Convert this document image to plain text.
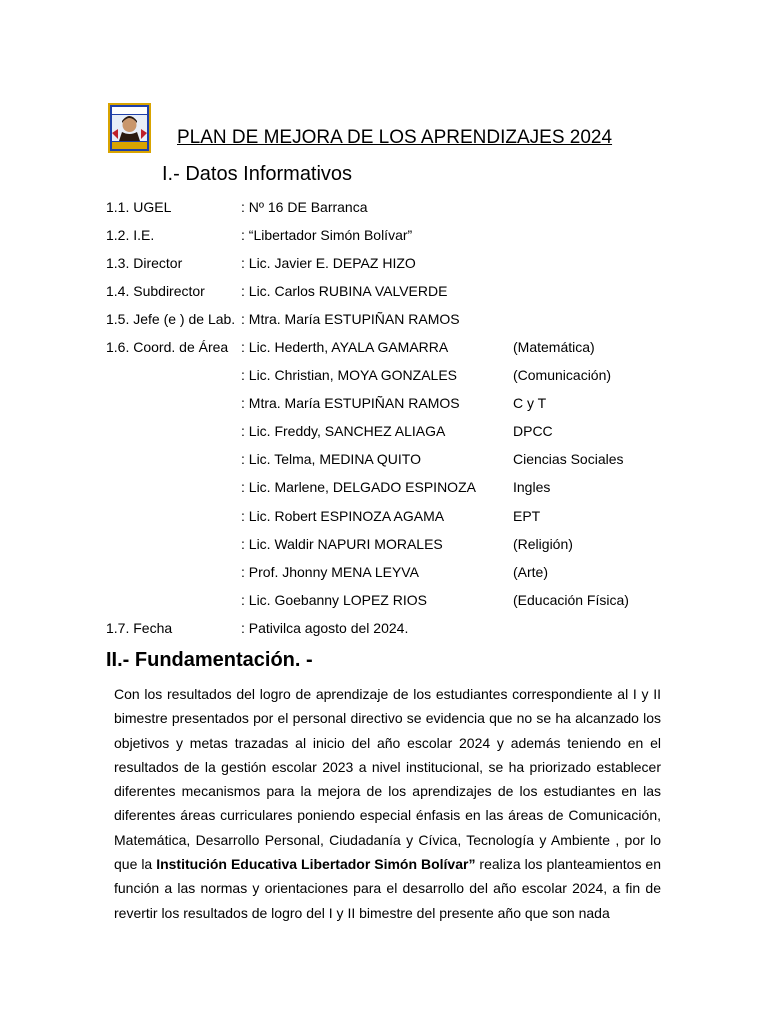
PLAN DE MEJORA DE LOS APRENDIZAJES 2024
I.- Datos Informativos
1.1. UGEL	: Nº 16 DE Barranca
1.2. I.E.	: “Libertador Simón Bolívar”
1.3. Director	: Lic. Javier E. DEPAZ HIZO
1.4. Subdirector	: Lic. Carlos RUBINA VALVERDE
1.5. Jefe (e ) de Lab. : Mtra. María ESTUPIÑAN RAMOS
1.6. Coord. de Área : Lic. Hederth, AYALA GAMARRA	(Matemática)
: Lic. Christian, MOYA GONZALES	(Comunicación)
: Mtra. María ESTUPIÑAN RAMOS	C y T
: Lic. Freddy, SANCHEZ ALIAGA	DPCC
: Lic. Telma, MEDINA QUITO	Ciencias Sociales
: Lic. Marlene, DELGADO ESPINOZA	Ingles
: Lic. Robert ESPINOZA AGAMA	EPT
: Lic. Waldir NAPURI MORALES	(Religión)
: Prof. Jhonny MENA LEYVA	(Arte)
: Lic. Goebanny LOPEZ RIOS	(Educación Física)
1.7. Fecha	: Pativilca agosto del 2024.
II.- Fundamentación. -

Con los resultados del logro de aprendizaje de los estudiantes correspondiente al I y II bimestre presentados por el personal directivo se evidencia que no se ha alcanzado los objetivos y metas trazadas al inicio del año escolar 2024 y además teniendo en el resultados de la gestión escolar 2023 a nivel institucional, se ha priorizado establecer diferentes mecanismos para la mejora de los aprendizajes de los estudiantes en las diferentes áreas curriculares poniendo especial énfasis en las áreas de Comunicación, Matemática, Desarrollo Personal, Ciudadanía y Cívica, Tecnología y Ambiente , por lo que la Institución Educativa Libertador Simón Bolívar” realiza los planteamientos en función a las normas y orientaciones para el desarrollo del año escolar 2024, a fin de revertir los resultados de logro del I y II bimestre del presente año que son nada
